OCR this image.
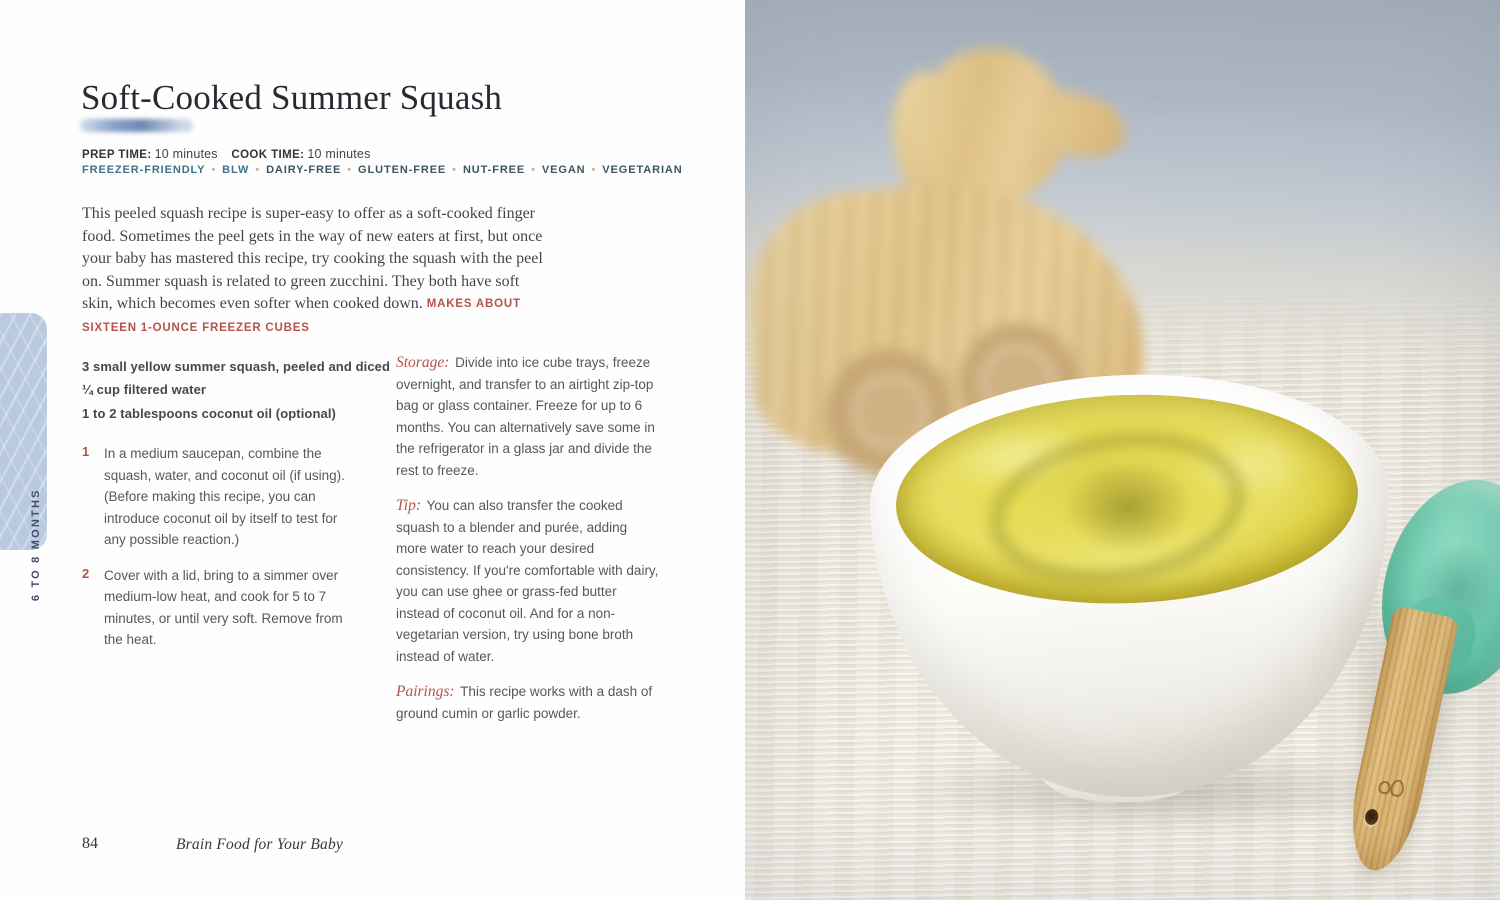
6 TO 8 MONTHS
Soft-Cooked Summer Squash
PREP TIME: 10 minutes COOK TIME: 10 minutes
FREEZER-FRIENDLY • BLW • DAIRY-FREE • GLUTEN-FREE • NUT-FREE • VEGAN • VEGETARIAN

This peeled squash recipe is super-easy to offer as a soft-cooked finger food. Sometimes the peel gets in the way of new eaters at first, but once your baby has mastered this recipe, try cooking the squash with the peel on. Summer squash is related to green zucchini. They both have soft skin, which becomes even softer when cooked down. MAKES ABOUT SIXTEEN 1-OUNCE FREEZER CUBES

3 small yellow summer squash, peeled and diced
¼ cup filtered water
1 to 2 tablespoons coconut oil (optional)
1	In a medium saucepan, combine the squash, water, and coconut oil (if using). (Before making this recipe, you can introduce coconut oil by itself to test for any possible reaction.)
2	Cover with a lid, bring to a simmer over medium-low heat, and cook for 5 to 7 minutes, or until very soft. Remove from the heat.

Storage: Divide into ice cube trays, freeze overnight, and transfer to an airtight zip-top bag or glass container. Freeze for up to 6 months. You can alternatively save some in the refrigerator in a glass jar and divide the rest to freeze.

Tip: You can also transfer the cooked squash to a blender and purée, adding more water to reach your desired consistency. If you're comfortable with dairy, you can use ghee or grass-fed butter instead of coconut oil. And for a non-vegetarian version, try using bone broth instead of water.

Pairings: This recipe works with a dash of ground cumin or garlic powder.

84	Brain Food for Your Baby
